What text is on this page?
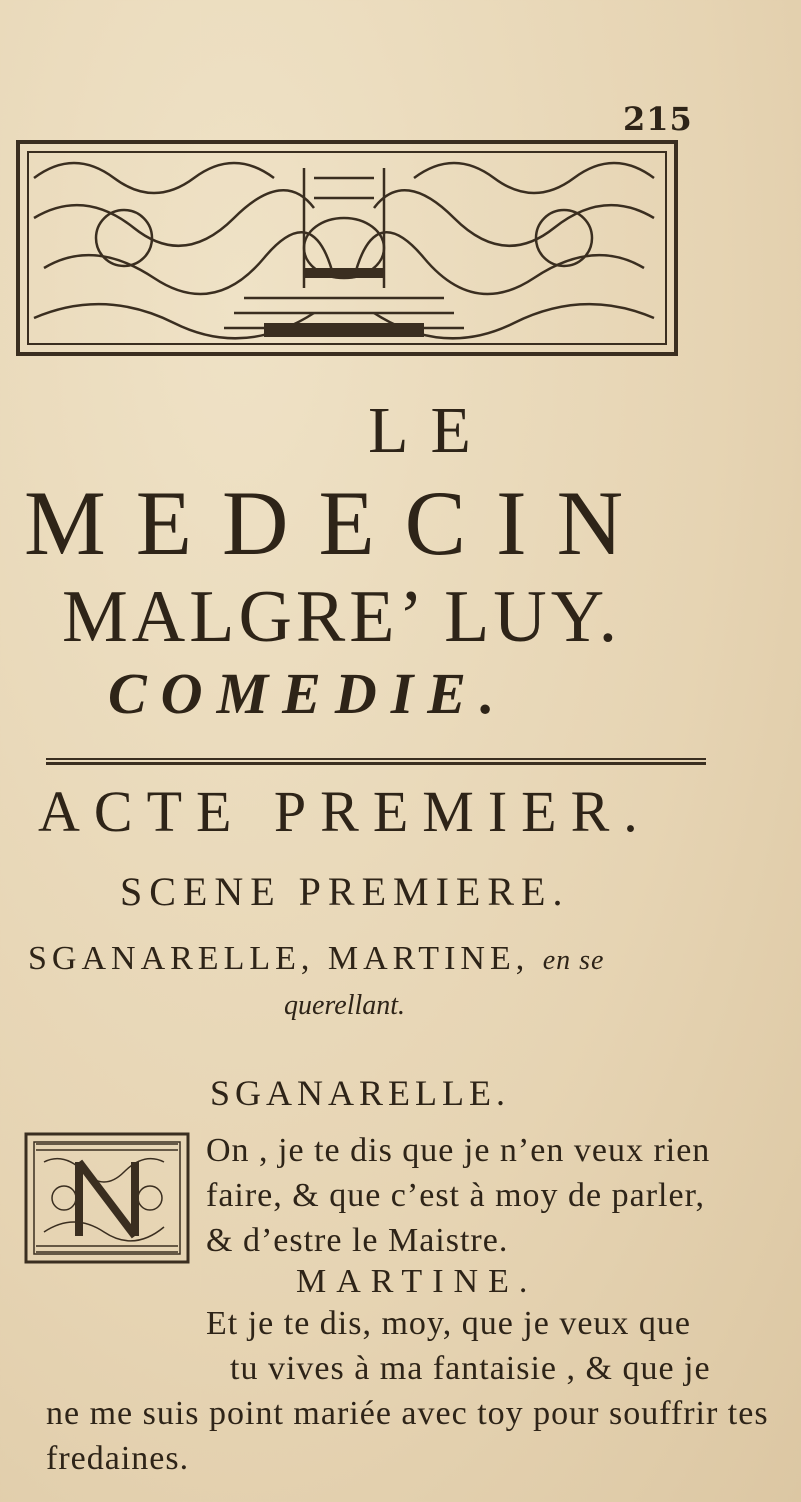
215
LE
MEDECIN
MALGRE’ LUY.
COMEDIE.
ACTE PREMIER.
SCENE PREMIERE.
SGANARELLE, MARTINE, en se
querellant.
SGANARELLE.
On , je te dis que je n’en veux rien
faire, & que c’est à moy de parler,
& d’estre le Maistre.
MARTINE.
Et je te dis, moy, que je veux que
tu vives à ma fantaisie , & que je
ne me suis point mariée avec toy pour souffrir tes
fredaines.
